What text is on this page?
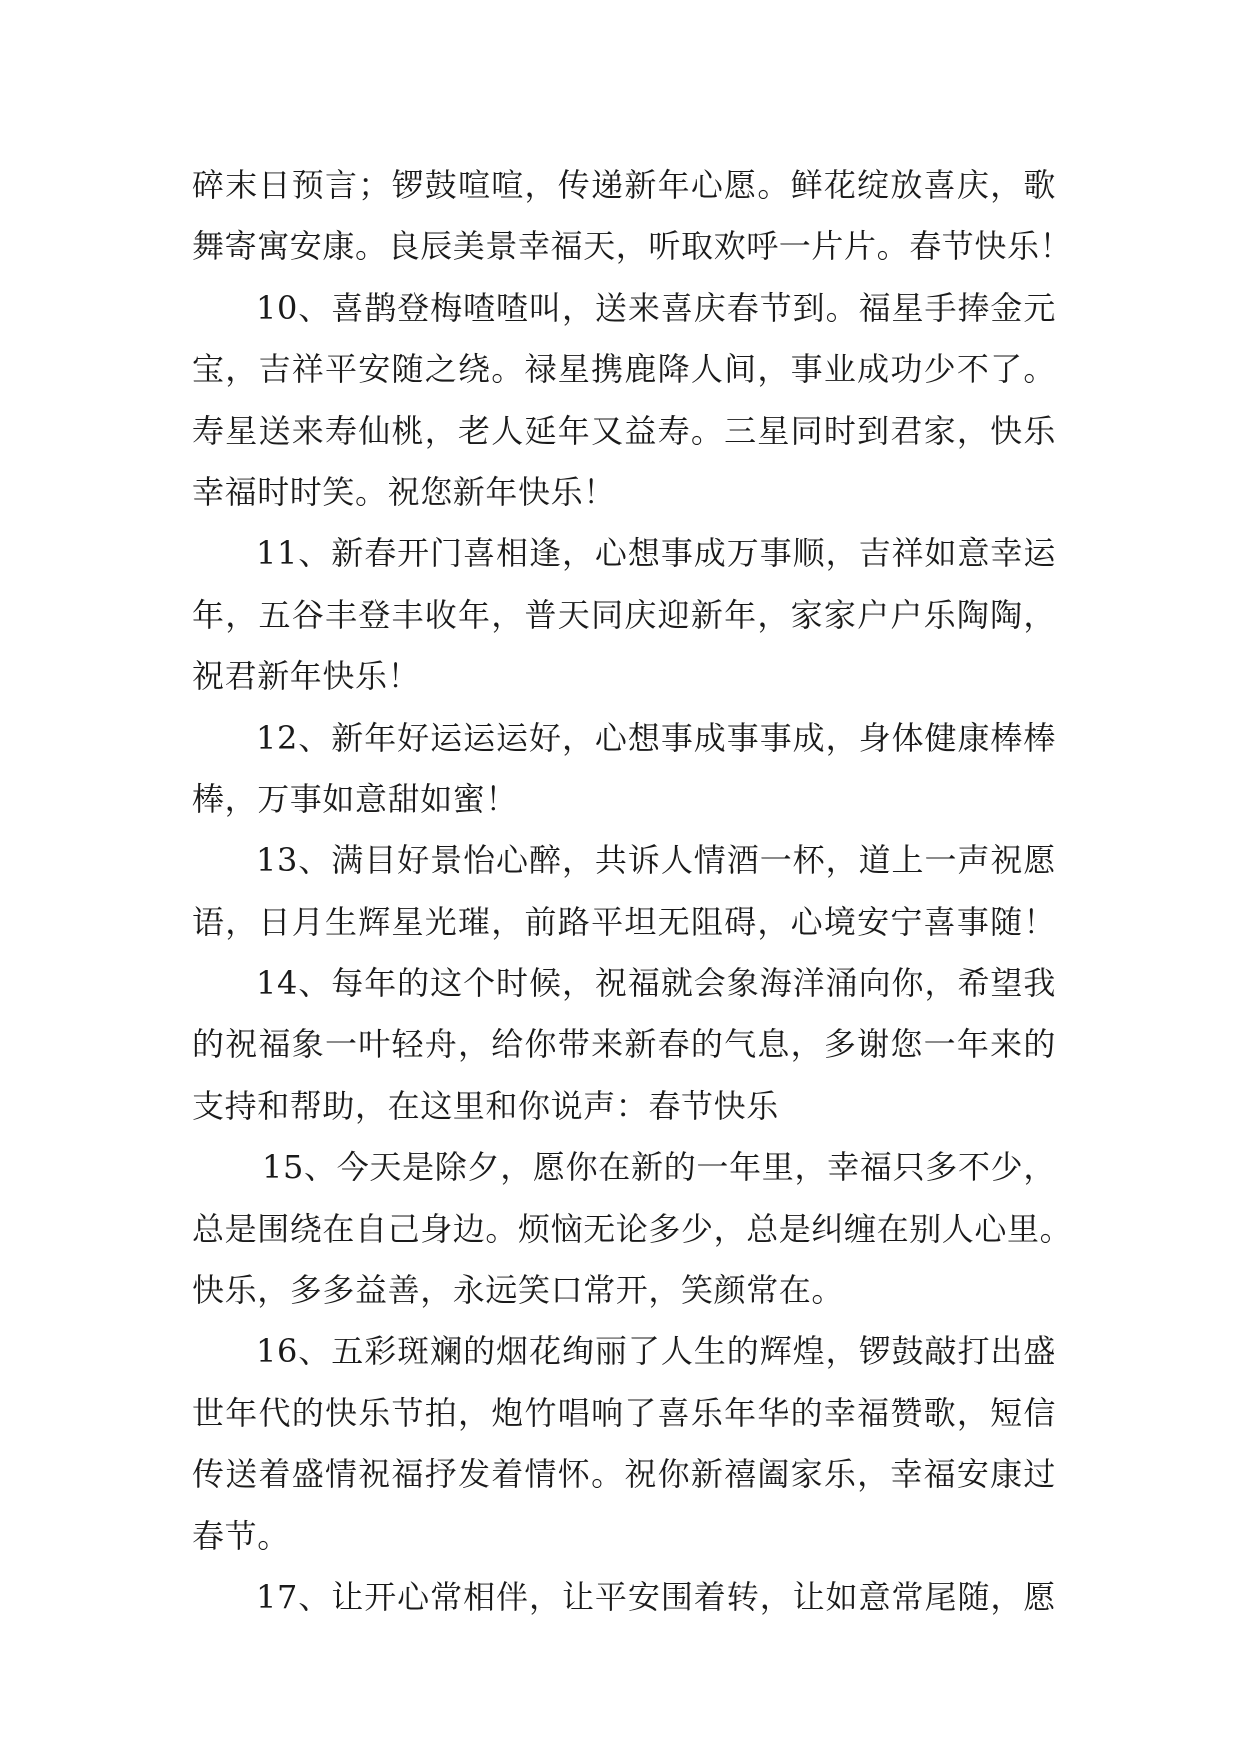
碎末日预言；锣鼓喧喧，传递新年心愿。鲜花绽放喜庆，歌
舞寄寓安康。良辰美景幸福天，听取欢呼一片片。春节快乐！
10、喜鹊登梅喳喳叫，送来喜庆春节到。福星手捧金元
宝，吉祥平安随之绕。禄星携鹿降人间，事业成功少不了。
寿星送来寿仙桃，老人延年又益寿。三星同时到君家，快乐
幸福时时笑。祝您新年快乐！
11、新春开门喜相逢，心想事成万事顺，吉祥如意幸运
年，五谷丰登丰收年，普天同庆迎新年，家家户户乐陶陶，
祝君新年快乐！
12、新年好运运运好，心想事成事事成，身体健康棒棒
棒，万事如意甜如蜜！
13、满目好景怡心醉，共诉人情酒一杯，道上一声祝愿
语，日月生辉星光璀，前路平坦无阻碍，心境安宁喜事随！
14、每年的这个时候，祝福就会象海洋涌向你，希望我
的祝福象一叶轻舟，给你带来新春的气息，多谢您一年来的
支持和帮助，在这里和你说声：春节快乐
15、今天是除夕，愿你在新的一年里，幸福只多不少，
总是围绕在自己身边。烦恼无论多少，总是纠缠在别人心里。
快乐，多多益善，永远笑口常开，笑颜常在。
16、五彩斑斓的烟花绚丽了人生的辉煌，锣鼓敲打出盛
世年代的快乐节拍，炮竹唱响了喜乐年华的幸福赞歌，短信
传送着盛情祝福抒发着情怀。祝你新禧阖家乐，幸福安康过
春节。
17、让开心常相伴，让平安围着转，让如意常尾随，愿
